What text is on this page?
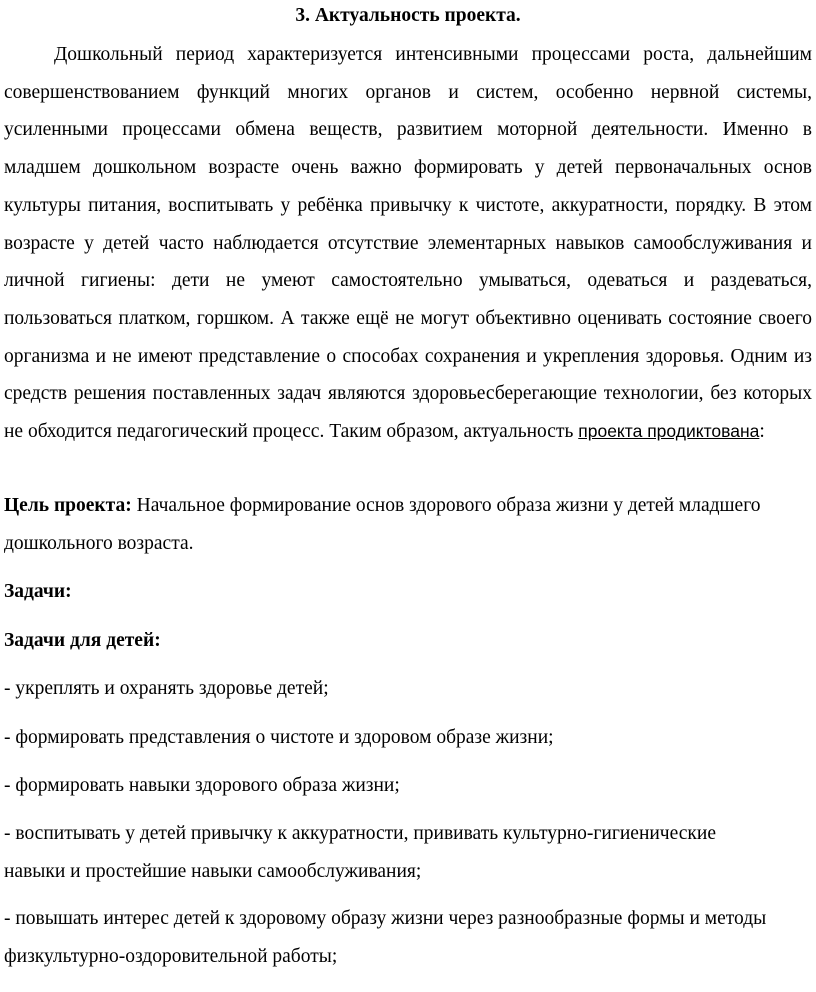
3. Актуальность проекта.

Дошкольный период характеризуется интенсивными процессами роста, дальнейшим совершенствованием функций многих органов и систем, особенно нервной системы, усиленными процессами обмена веществ, развитием моторной деятельности. Именно в младшем дошкольном возрасте очень важно формировать у детей первоначальных основ культуры питания, воспитывать у ребёнка привычку к чистоте, аккуратности, порядку. В этом возрасте у детей часто наблюдается отсутствие элементарных навыков самообслуживания и личной гигиены: дети не умеют самостоятельно умываться, одеваться и раздеваться, пользоваться платком, горшком. А также ещё не могут объективно оценивать состояние своего организма и не имеют представление о способах сохранения и укрепления здоровья. Одним из средств решения поставленных задач являются здоровьесберегающие технологии, без которых не обходится педагогический процесс. Таким образом, актуальность проекта продиктована:

Цель проекта: Начальное формирование основ здорового образа жизни у детей младшего дошкольного возраста.

Задачи:

Задачи для детей:

- укреплять и охранять здоровье детей;

- формировать представления о чистоте и здоровом образе жизни;

- формировать навыки здорового образа жизни;

- воспитывать у детей привычку к аккуратности, прививать культурно-гигиенические навыки и простейшие навыки самообслуживания;

- повышать интерес детей к здоровому образу жизни через разнообразные формы и методы физкультурно-оздоровительной работы;
